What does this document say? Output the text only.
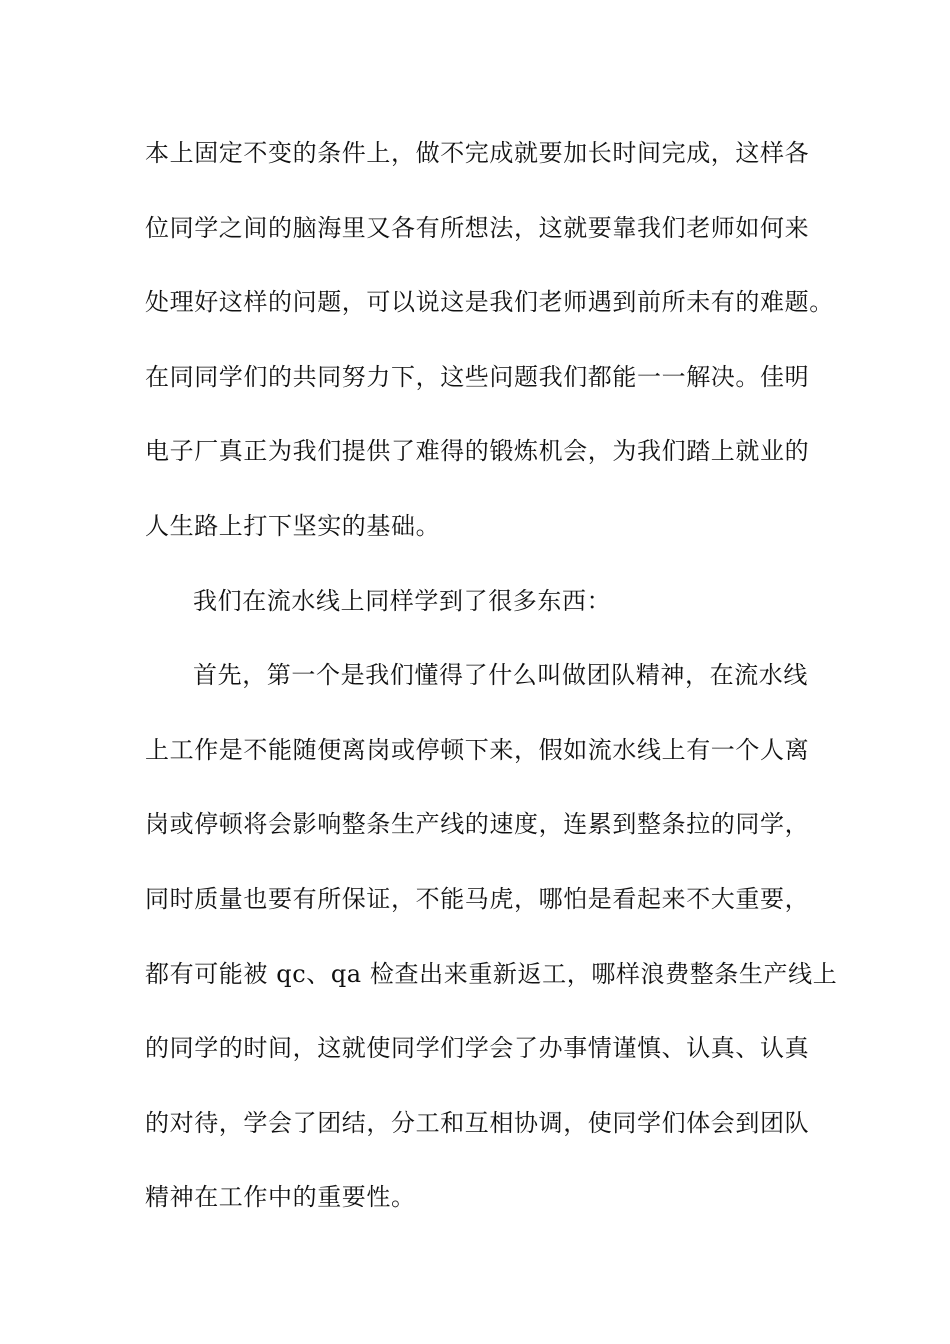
本上固定不变的条件上，做不完成就要加长时间完成，这样各
位同学之间的脑海里又各有所想法，这就要靠我们老师如何来
处理好这样的问题，可以说这是我们老师遇到前所未有的难题。
在同同学们的共同努力下，这些问题我们都能一一解决。佳明
电子厂真正为我们提供了难得的锻炼机会，为我们踏上就业的
人生路上打下坚实的基础。
我们在流水线上同样学到了很多东西：
首先，第一个是我们懂得了什么叫做团队精神，在流水线
上工作是不能随便离岗或停顿下来，假如流水线上有一个人离
岗或停顿将会影响整条生产线的速度，连累到整条拉的同学，
同时质量也要有所保证，不能马虎，哪怕是看起来不大重要，
都有可能被 qc、qa 检查出来重新返工，哪样浪费整条生产线上
的同学的时间，这就使同学们学会了办事情谨慎、认真、认真
的对待，学会了团结，分工和互相协调，使同学们体会到团队
精神在工作中的重要性。
